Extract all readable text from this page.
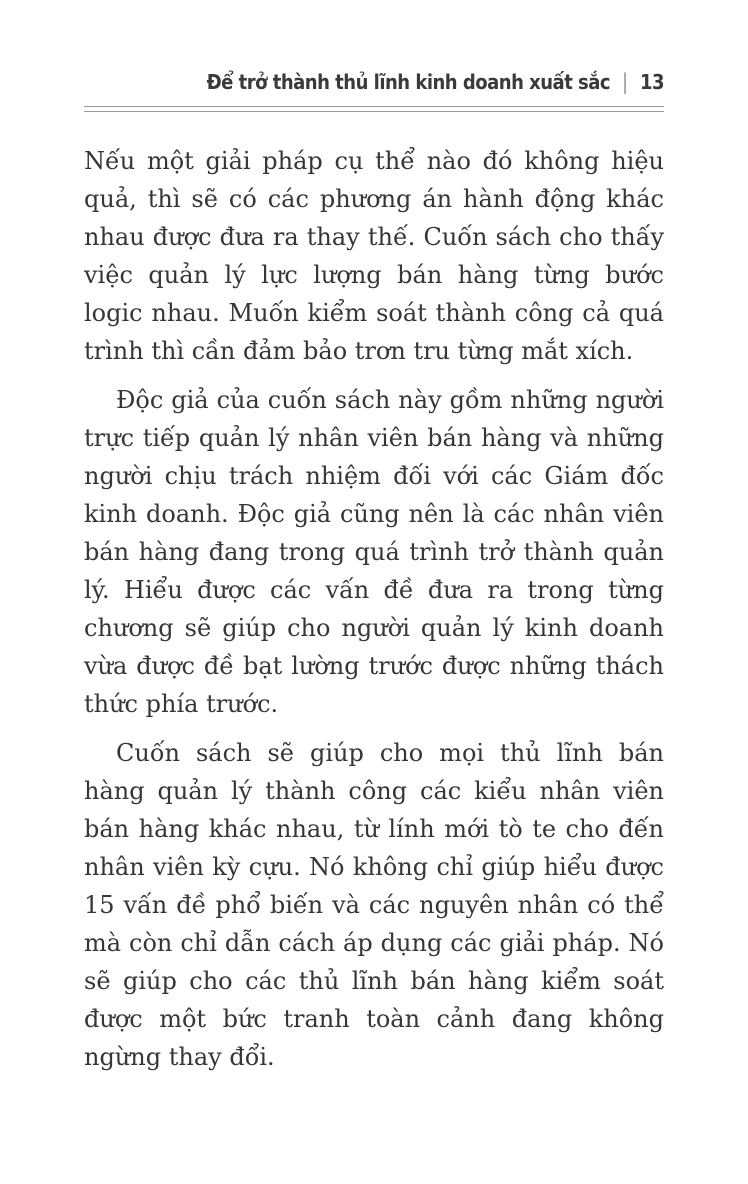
Để trở thành thủ lĩnh kinh doanh xuất sắc | 13

Nếu một giải pháp cụ thể nào đó không hiệu quả, thì sẽ có các phương án hành động khác nhau được đưa ra thay thế. Cuốn sách cho thấy việc quản lý lực lượng bán hàng từng bước logic nhau. Muốn kiểm soát thành công cả quá trình thì cần đảm bảo trơn tru từng mắt xích.

Độc giả của cuốn sách này gồm những người trực tiếp quản lý nhân viên bán hàng và những người chịu trách nhiệm đối với các Giám đốc kinh doanh. Độc giả cũng nên là các nhân viên bán hàng đang trong quá trình trở thành quản lý. Hiểu được các vấn đề đưa ra trong từng chương sẽ giúp cho người quản lý kinh doanh vừa được đề bạt lường trước được những thách thức phía trước.

Cuốn sách sẽ giúp cho mọi thủ lĩnh bán hàng quản lý thành công các kiểu nhân viên bán hàng khác nhau, từ lính mới tò te cho đến nhân viên kỳ cựu. Nó không chỉ giúp hiểu được 15 vấn đề phổ biến và các nguyên nhân có thể mà còn chỉ dẫn cách áp dụng các giải pháp. Nó sẽ giúp cho các thủ lĩnh bán hàng kiểm soát được một bức tranh toàn cảnh đang không ngừng thay đổi.
